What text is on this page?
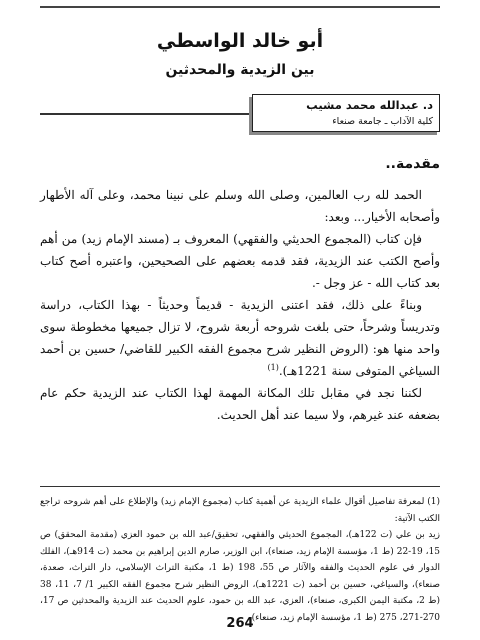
أبو خالد الواسطي
بين الزيدية والمحدثين
د. عبدالله محمد مشيب
كلية الآداب ـ جامعة صنعاء
مقدمة..

الحمد لله رب العالمين، وصلى الله وسلم على نبينا محمد، وعلى آله الأطهار وأصحابه الأخيار... وبعد:

فإن كتاب (المجموع الحديثي والفقهي) المعروف بـ (مسند الإمام زيد) من أهم وأصح الكتب عند الزيدية، فقد قدمه بعضهم على الصحيحين، واعتبره أصح كتاب بعد كتاب الله - عز وجل -.

وبناءً على ذلك، فقد اعتنى الزيدية - قديماً وحديثاً - بهذا الكتاب، دراسة وتدريساً وشرحاً، حتى بلغت شروحه أربعة شروح، لا تزال جميعها مخطوطة سوى واحد منها هو: (الروض النظير شرح مجموع الفقه الكبير للقاضي/ حسين بن أحمد السياغي المتوفى سنة 1221هـ).$^{(1)}$

لكننا نجد في مقابل تلك المكانة المهمة لهذا الكتاب عند الزيدية حكم عام بضعفه عند غيرهم، ولا سيما عند أهل الحديث.

(1) لمعرفة تفاصيل أقوال علماء الزيدية عن أهمية كتاب (مجموع الإمام زيد) والإطلاع على أهم شروحه تراجع الكتب الآتية:

زيد بن علي (ت 122هـ)، المجموع الحديثي والفقهي، تحقيق/عبد الله بن حمود العزي (مقدمة المحقق) ص 15، 19-22 (ط 1، مؤسسة الإمام زيد، صنعاء)، ابن الوزير، صارم الدين إبراهيم بن محمد (ت 914هـ)، الفلك الدوار في علوم الحديث والفقه والآثار ص 55، 198 (ط 1، مكتبة التراث الإسلامي، دار التراث، صعدة، صنعاء)، والسياغي، حسين بن أحمد (ت 1221هـ)، الروض النظير شرح مجموع الفقه الكبير 1/ 7، 11، 38 (ط 2، مكتبة اليمن الكبرى، صنعاء)، العزي، عبد الله بن حمود، علوم الحديث عند الزيدية والمحدثين ص 17، 270-271، 275 (ط 1، مؤسسة الإمام زيد، صنعاء).

264
